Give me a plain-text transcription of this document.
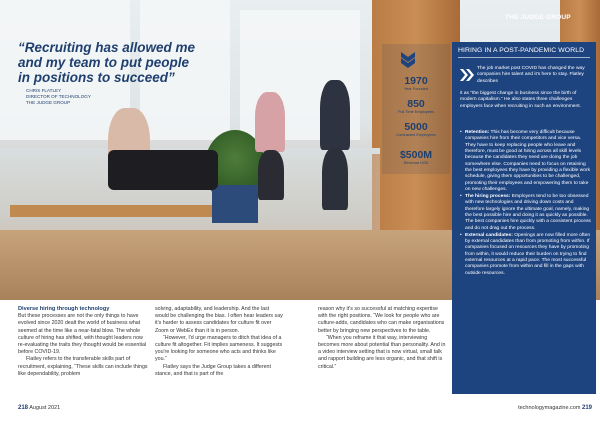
THE JUDGE GROUP
“Recruiting has allowed me and my team to put people in positions to succeed”
CHRIS FLATLEY
DIRECTOR OF TECHNOLOGY
THE JUDGE GROUP
1970
Year Founded
850
Full Time Employees
5000
Contracted Employees
$500M
Revenue USD
HIRING IN A POST-PANDEMIC WORLD
The job market post COVID has changed the way companies hire talent and it's here to stay. Flatley describes
it as “the biggest change in business since the birth of modern capitalism.” He also states three challenges employers face when recruiting in such an environment.
• Retention: This has become very difficult because companies hire from their competitors and vice versa. They have to keep replacing people who leave and therefore, must be good at hiring across all skill levels because the candidates they need are doing the job somewhere else. Companies need to focus on retaining the best employees they have by providing a flexible work schedule, giving them opportunities to be challenged, promoting their employees and empowering them to take on new challenges.
• The hiring process: Employers tend to be too obsessed with new technologies and driving down costs and therefore largely ignore the ultimate goal, namely, making the best possible hire and doing it as quickly as possible. The best companies hire quickly with a consistent process and do not drag out the process.
• External candidates: Openings are now filled more often by external candidates than from promoting from within. If companies focused on resources they have by promoting from within, it would reduce their burden on trying to find external resources at a rapid pace. The most successful companies promote from within and fill in the gaps with outside resources.
Diverse hiring through technology

But these processes are not the only things to have evolved since 2020 dealt the world of business what seemed at the time like a near-fatal blow. The whole culture of hiring has shifted, with thought leaders now re-evaluating the traits they thought would be essential before COVID-19.

Flatley refers to the transferable skills part of recruitment, explaining, “These skills can include things like dependability, problem

solving, adaptability, and leadership. And the last would be challenging the bias. I often hear leaders say it's harder to assess candidates for culture fit over Zoom or WebEx than it is in person.

“However, I'd urge managers to ditch that idea of a culture fit altogether. Fit implies sameness. It suggests you're looking for someone who acts and thinks like you.”

Flatley says the Judge Group takes a different stance, and that is part of the

reason why it's so successful at matching expertise with the right positions. “We look for people who are culture-adds, candidates who can make organisations better by bringing new perspectives to the table.

“When you reframe it that way, interviewing becomes more about potential than personality. And in a video interview setting that is now virtual, small talk and rapport building are less organic, and that shift is critical.”

218 August 2021	technologymagazine.com 219
